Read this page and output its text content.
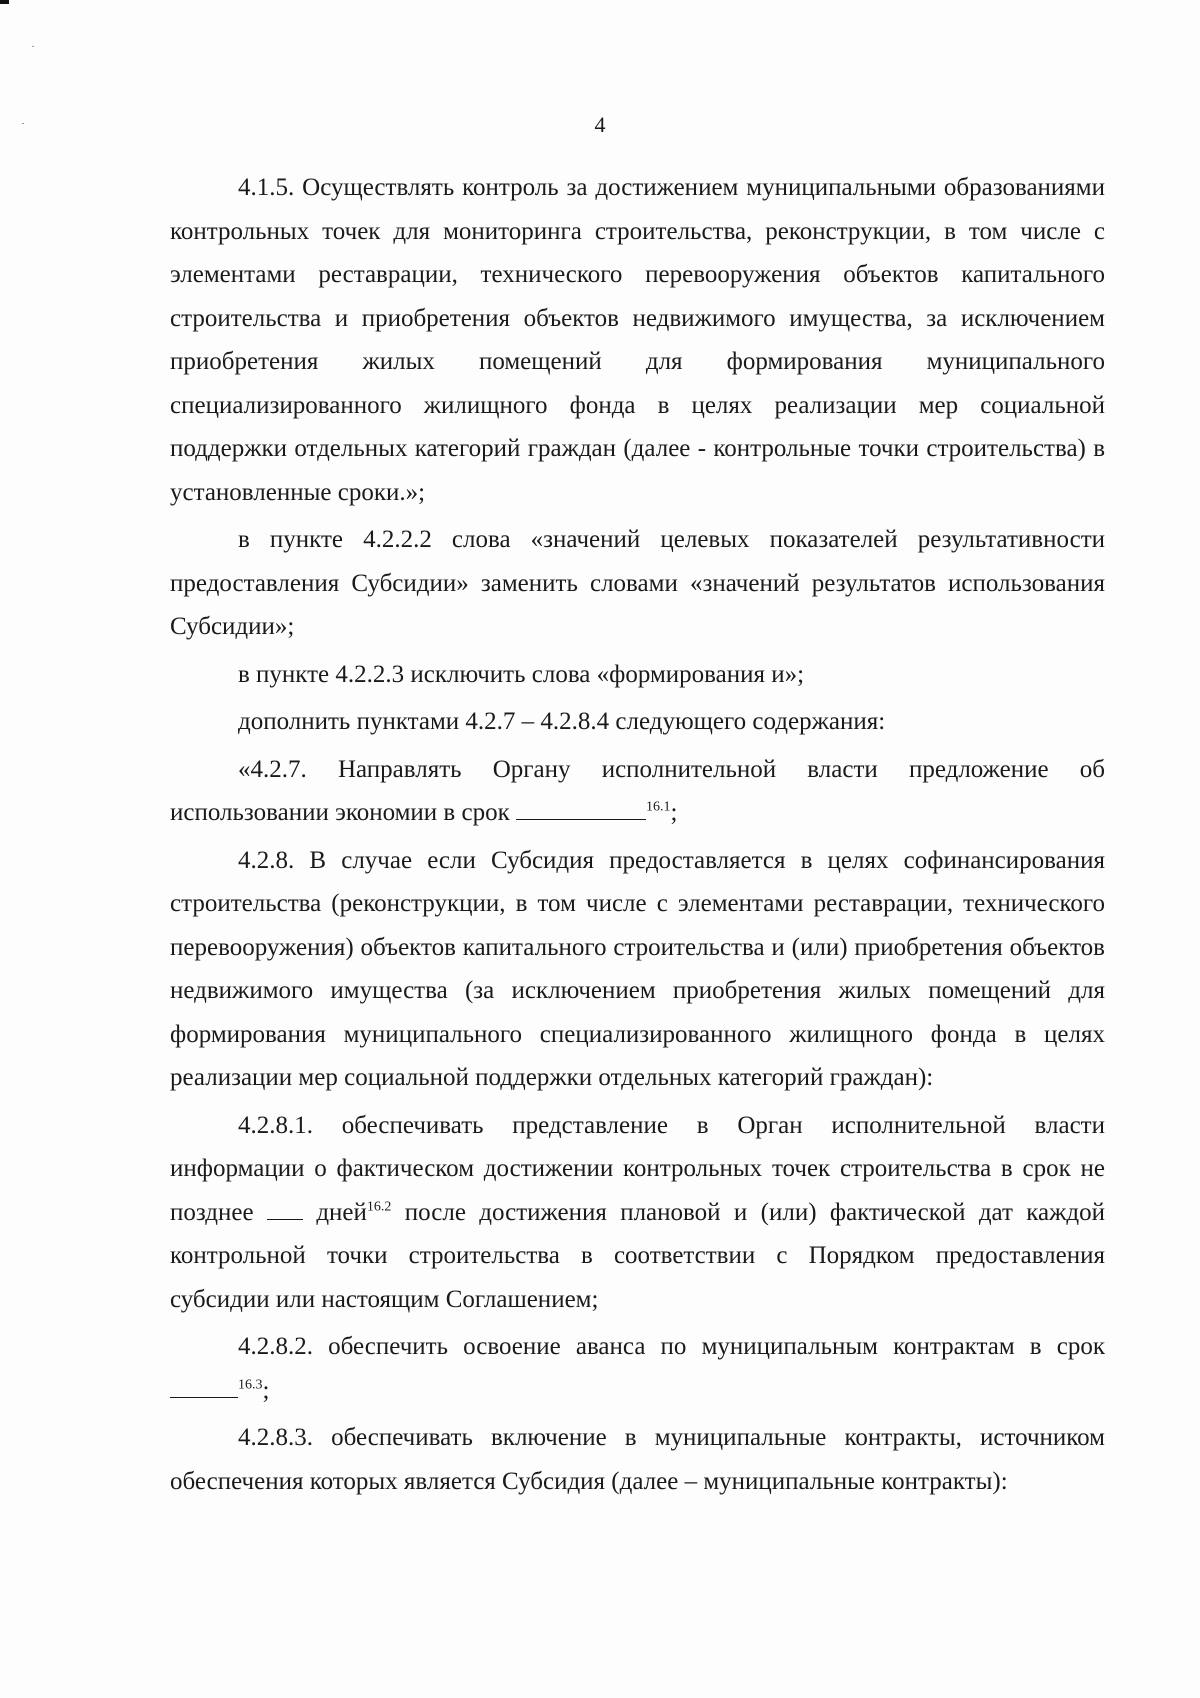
4

4.1.5. Осуществлять контроль за достижением муниципальными образованиями контрольных точек для мониторинга строительства, реконструкции, в том числе с элементами реставрации, технического перевооружения объектов капитального строительства и приобретения объектов недвижимого имущества, за исключением приобретения жилых помещений для формирования муниципального специализированного жилищного фонда в целях реализации мер социальной поддержки отдельных категорий граждан (далее - контрольные точки строительства) в установленные сроки.»;

в пункте 4.2.2.2 слова «значений целевых показателей результативности предоставления Субсидии» заменить словами «значений результатов использования Субсидии»;

в пункте 4.2.2.3 исключить слова «формирования и»;

дополнить пунктами 4.2.7 – 4.2.8.4 следующего содержания:

«4.2.7. Направлять Органу исполнительной власти предложение об использовании экономии в срок	$^{16.1}$;

4.2.8. В случае если Субсидия предоставляется в целях софинансирования строительства (реконструкции, в том числе с элементами реставрации, технического перевооружения) объектов капитального строительства и (или) приобретения объектов недвижимого имущества (за исключением приобретения жилых помещений для формирования муниципального специализированного жилищного фонда в целях реализации мер социальной поддержки отдельных категорий граждан):

4.2.8.1. обеспечивать представление в Орган исполнительной власти информации о фактическом достижении контрольных точек строительства в срок не позднее  дней$^{16.2}$ после достижения плановой и (или) фактической дат каждой контрольной точки строительства в соответствии с Порядком предоставления субсидии или настоящим Соглашением;

4.2.8.2. обеспечить освоение аванса по муниципальным контрактам в срок $^{16.3}$;

4.2.8.3. обеспечивать включение в муниципальные контракты, источником обеспечения которых является Субсидия (далее – муниципальные контракты):
